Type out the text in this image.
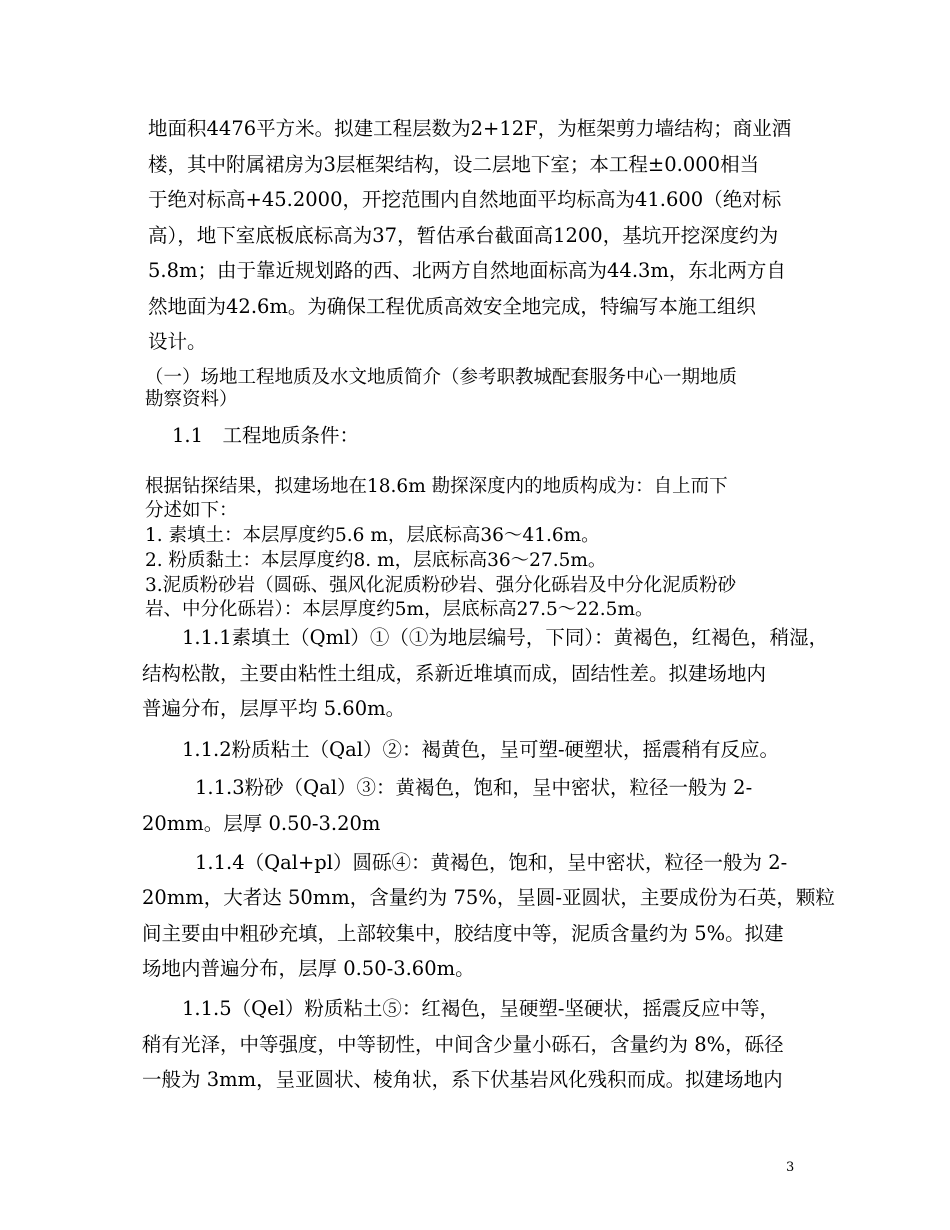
地面积4476平方米。拟建工程层数为2+12F，为框架剪力墙结构；商业酒
楼，其中附属裙房为3层框架结构，设二层地下室；本工程±0.000相当
于绝对标高+45.2000，开挖范围内自然地面平均标高为41.600（绝对标
高），地下室底板底标高为37，暂估承台截面高1200，基坑开挖深度约为
5.8m；由于靠近规划路的西、北两方自然地面标高为44.3m，东北两方自
然地面为42.6m。为确保工程优质高效安全地完成，特编写本施工组织
设计。
（一）场地工程地质及水文地质简介（参考职教城配套服务中心一期地质
勘察资料）
1.1　工程地质条件：
根据钻探结果，拟建场地在18.6m 勘探深度内的地质构成为：自上而下
分述如下：
1. 素填土：本层厚度约5.6 m，层底标高36～41.6m。
2. 粉质黏土：本层厚度约8. m，层底标高36～27.5m。
3.泥质粉砂岩（圆砾、强风化泥质粉砂岩、强分化砾岩及中分化泥质粉砂
岩、中分化砾岩）：本层厚度约5m，层底标高27.5～22.5m。
1.1.1素填土（Qml）①（①为地层编号，下同）：黄褐色，红褐色，稍湿，
结构松散，主要由粘性土组成，系新近堆填而成，固结性差。拟建场地内
普遍分布，层厚平均 5.60m。
1.1.2粉质粘土（Qal）②：褐黄色，呈可塑-硬塑状，摇震稍有反应。
1.1.3粉砂（Qal）③：黄褐色，饱和，呈中密状，粒径一般为 2-
20mm。层厚 0.50-3.20m
1.1.4（Qal+pl）圆砾④：黄褐色，饱和，呈中密状，粒径一般为 2-
20mm，大者达 50mm，含量约为 75%，呈圆-亚圆状，主要成份为石英，颗粒
间主要由中粗砂充填，上部较集中，胶结度中等，泥质含量约为 5%。拟建
场地内普遍分布，层厚 0.50-3.60m。
1.1.5（Qel）粉质粘土⑤：红褐色，呈硬塑-坚硬状，摇震反应中等，
稍有光泽，中等强度，中等韧性，中间含少量小砾石，含量约为 8%，砾径
一般为 3mm，呈亚圆状、棱角状，系下伏基岩风化残积而成。拟建场地内
3
